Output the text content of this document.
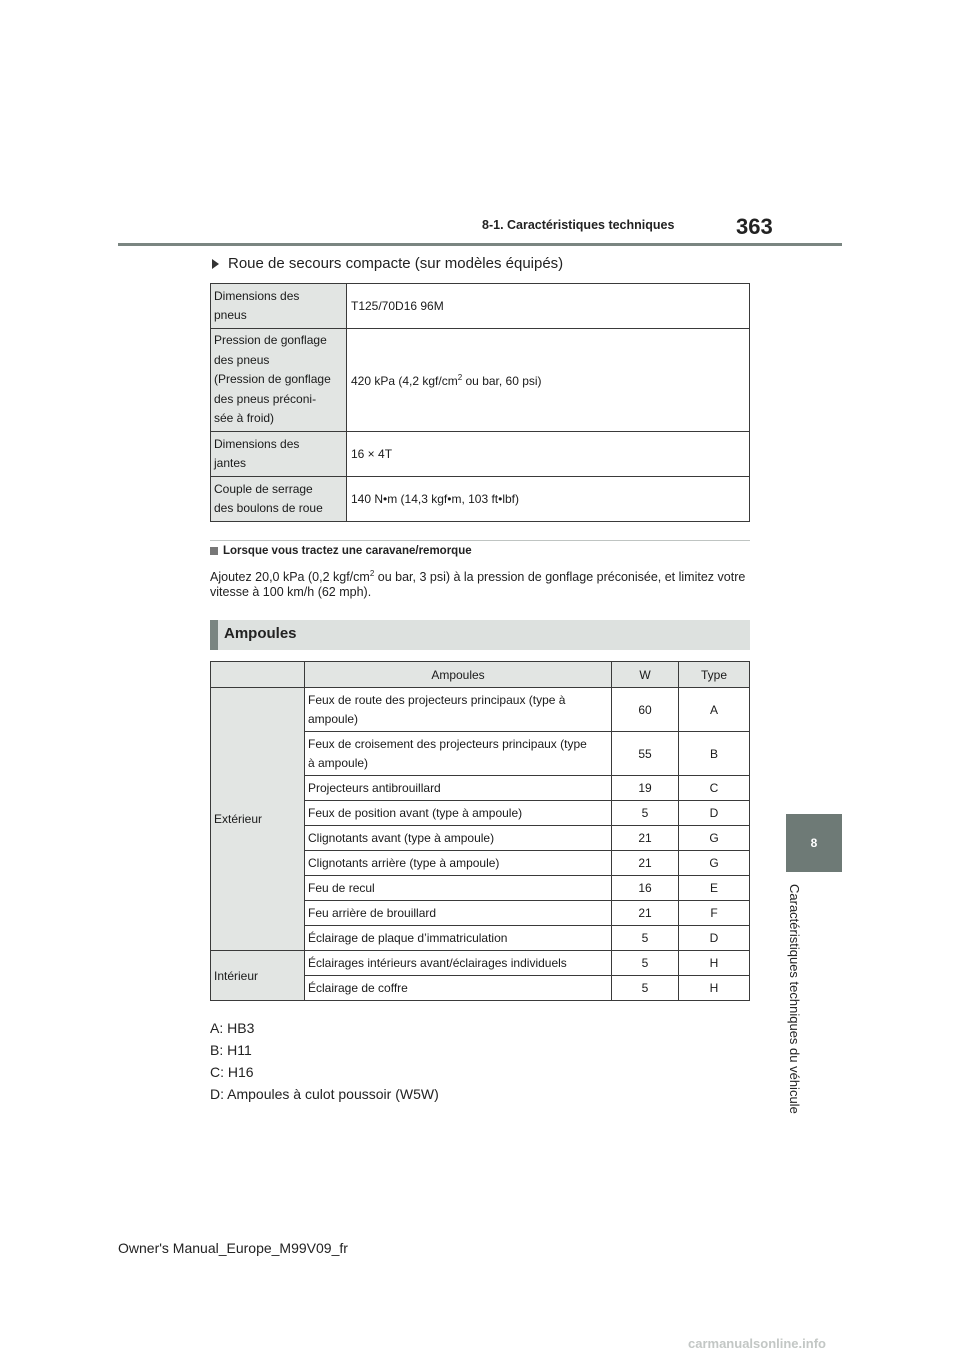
8-1. Caractéristiques techniques	363
8
Caractéristiques techniques du véhicule
Roue de secours compacte (sur modèles équipés)
Dimensions des
pneus	T125/70D16 96M

Pression de gonflage
des pneus
(Pression de gonflage
des pneus préconi-
sée à froid)	420 kPa (4,2 kgf/$cm^2$ ou bar, 60 psi)

Dimensions des
jantes	16 × 4T

Couple de serrage
des boulons de roue	140 N•m (14,3 kgf•m, 103 ft•lbf)
Lorsque vous tractez une caravane/remorque
Ajoutez 20,0 kPa (0,2 kgf/$cm^2$ ou bar, 3 psi) à la pression de gonflage préconisée, et limitez votre vitesse à 100 km/h (62 mph).
Ampoules
	Ampoules	W	Type
Extérieur	Feux de route des projecteurs principaux (type à
ampoule)	60	A

	Feux de croisement des projecteurs principaux (type
à ampoule)	55	B
	Projecteurs antibrouillard	19	C
	Feux de position avant (type à ampoule)	5	D
	Clignotants avant (type à ampoule)	21	G
	Clignotants arrière (type à ampoule)	21	G
	Feu de recul	16	E
	Feu arrière de brouillard	21	F
	Éclairage de plaque d’immatriculation	5	D
Intérieur	Éclairages intérieurs avant/éclairages individuels	5	H
	Éclairage de coffre	5	H
A: HB3
B: H11
C: H16
D: Ampoules à culot poussoir (W5W)
Owner's Manual_Europe_M99V09_fr
carmanualsonline.info
